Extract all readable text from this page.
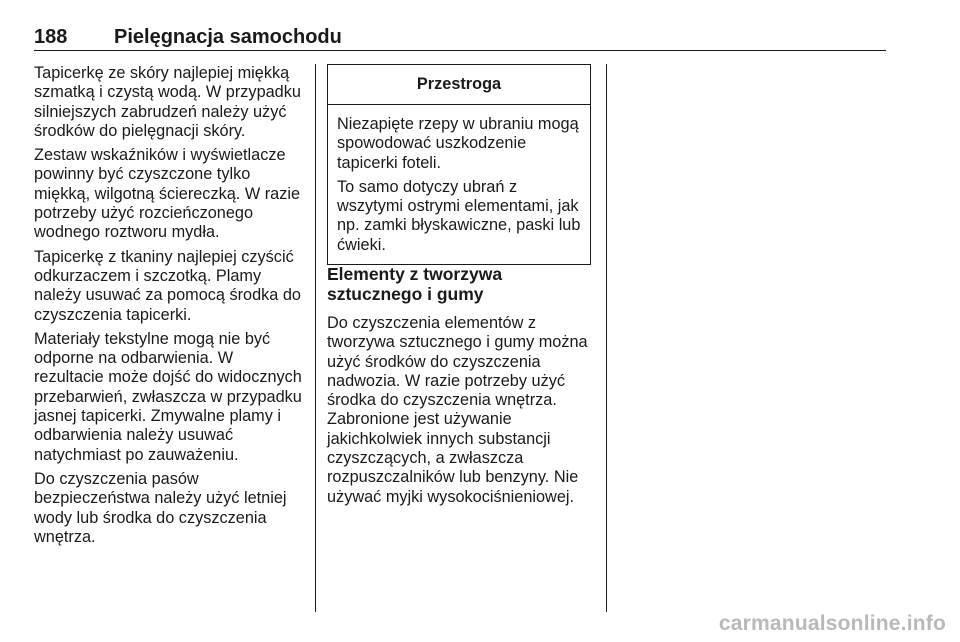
188 Pielęgnacja samochodu

Tapicerkę ze skóry najlepiej miękką szmatką i czystą wodą. W przypadku silniejszych zabrudzeń należy użyć środków do pielęgnacji skóry.

Zestaw wskaźników i wyświetlacze powinny być czyszczone tylko miękką, wilgotną ściereczką. W razie potrzeby użyć rozcieńczonego wodnego roztworu mydła.

Tapicerkę z tkaniny najlepiej czyścić odkurzaczem i szczotką. Plamy należy usuwać za pomocą środka do czyszczenia tapicerki.

Materiały tekstylne mogą nie być odporne na odbarwienia. W rezultacie może dojść do widocznych przebarwień, zwłaszcza w przypadku jasnej tapicerki. Zmywalne plamy i odbarwienia należy usuwać natychmiast po zauważeniu.

Do czyszczenia pasów bezpieczeństwa należy użyć letniej wody lub środka do czyszczenia wnętrza.

Przestroga

Niezapięte rzepy w ubraniu mogą spowodować uszkodzenie tapicerki foteli.

To samo dotyczy ubrań z wszytymi ostrymi elementami, jak np. zamki błyskawiczne, paski lub ćwieki.

Elementy z tworzywa sztucznego i gumy

Do czyszczenia elementów z tworzywa sztucznego i gumy można użyć środków do czyszczenia nadwozia. W razie potrzeby użyć środka do czyszczenia wnętrza. Zabronione jest używanie jakichkolwiek innych substancji czyszczących, a zwłaszcza rozpuszczalników lub benzyny. Nie używać myjki wysokociśnieniowej.

carmanualsonline.info
